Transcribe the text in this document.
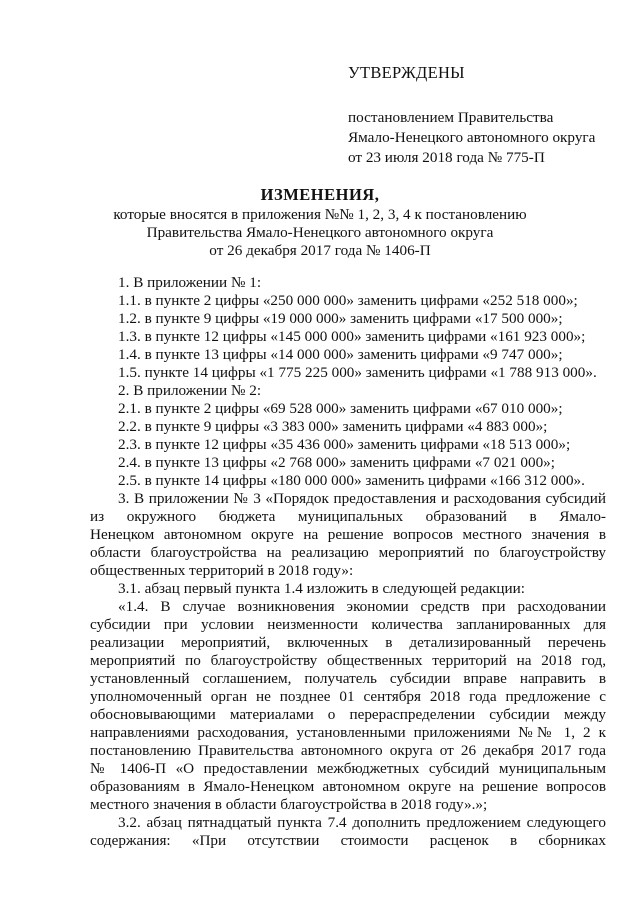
УТВЕРЖДЕНЫ
постановлением Правительства
Ямало-Ненецкого автономного округа
от 23 июля 2018 года № 775-П
ИЗМЕНЕНИЯ,
которые вносятся в приложения №№ 1, 2, 3, 4 к постановлению
Правительства Ямало-Ненецкого автономного округа
от 26 декабря 2017 года № 1406-П
1. В приложении № 1:
1.1. в пункте 2 цифры «250 000 000» заменить цифрами «252 518 000»;
1.2. в пункте 9 цифры «19 000 000» заменить цифрами «17 500 000»;
1.3. в пункте 12 цифры «145 000 000» заменить цифрами «161 923 000»;
1.4. в пункте 13 цифры «14 000 000» заменить цифрами «9 747 000»;
1.5. пункте 14 цифры «1 775 225 000» заменить цифрами «1 788 913 000».
2. В приложении № 2:
2.1. в пункте 2 цифры «69 528 000» заменить цифрами «67 010 000»;
2.2. в пункте 9 цифры «3 383 000» заменить цифрами «4 883 000»;
2.3. в пункте 12 цифры «35 436 000» заменить цифрами «18 513 000»;
2.4. в пункте 13 цифры «2 768 000» заменить цифрами «7 021 000»;
2.5. в пункте 14 цифры «180 000 000» заменить цифрами «166 312 000».
3. В приложении № 3 «Порядок предоставления и расходования субсидий
из окружного бюджета муниципальных образований в Ямало-
Ненецком автономном округе на решение вопросов местного значения в
области благоустройства на реализацию мероприятий по благоустройству
общественных территорий в 2018 году»:
3.1. абзац первый пункта 1.4 изложить в следующей редакции:
«1.4. В случае возникновения экономии средств при расходовании
субсидии при условии неизменности количества запланированных для
реализации мероприятий, включенных в детализированный перечень
мероприятий по благоустройству общественных территорий на 2018 год,
установленный соглашением, получатель субсидии вправе направить в
уполномоченный орган не позднее 01 сентября 2018 года предложение с
обосновывающими материалами о перераспределении субсидии между
направлениями расходования, установленными приложениями №№ 1, 2 к
постановлению Правительства автономного округа от 26 декабря 2017 года
№ 1406-П «О предоставлении межбюджетных субсидий муниципальным
образованиям в Ямало-Ненецком автономном округе на решение вопросов
местного значения в области благоустройства в 2018 году».»;
3.2. абзац пятнадцатый пункта 7.4 дополнить предложением следующего
содержания: «При отсутствии стоимости расценок в сборниках
